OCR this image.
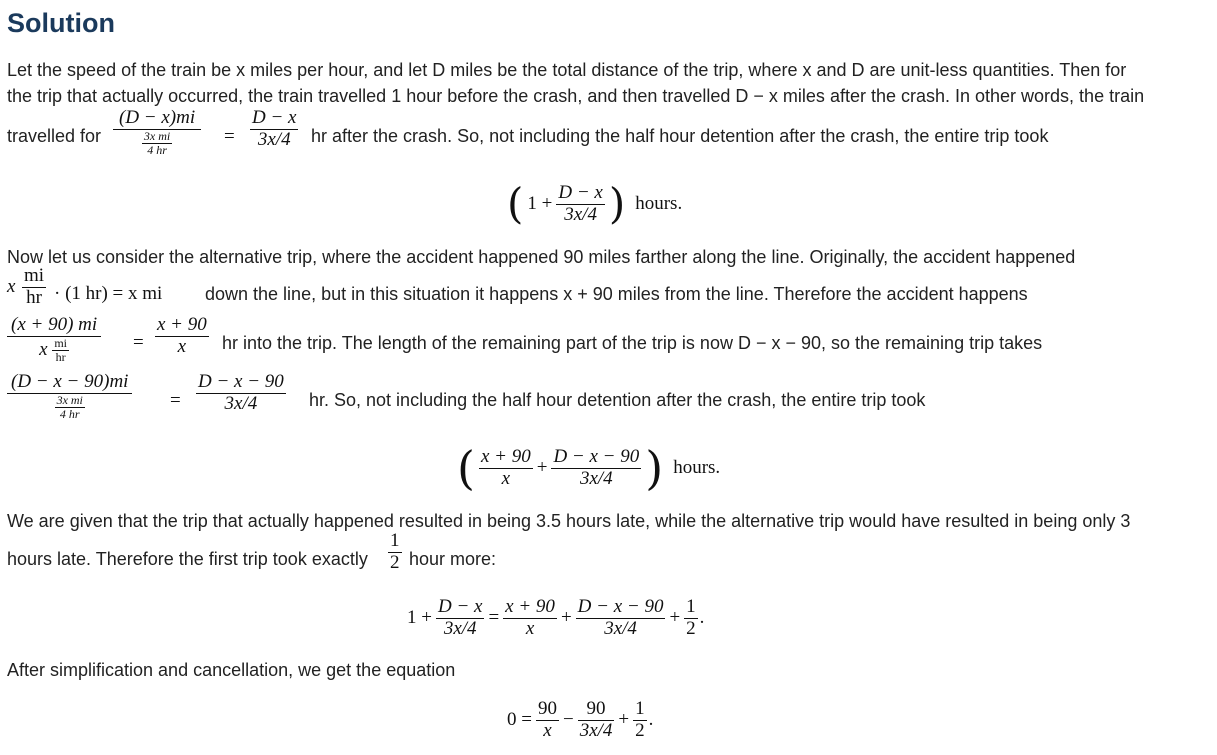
Solution
Let the speed of the train be x miles per hour, and let D miles be the total distance of the trip, where x and D are unit-less quantities. Then for
the trip that actually occurred, the train travelled 1 hour before the crash, and then travelled D − x miles after the crash. In other words, the train
travelled for $\frac{(D - x)mi}{\frac{\text{3x mi}}{4 hr}} = \frac{D - x}{3x/4}$ hr after the crash. So, not including the half hour detention after the crash, the entire trip took
( $1 + \frac{D - x}{3x/4}$ ) hours.
Now let us consider the alternative trip, where the accident happened 90 miles farther along the line. Originally, the accident happened
x $\frac{mi}{hr} \cdot (1$ hr) = x mi down the line, but in this situation it happens x + 90 miles from the line. Therefore the accident happens
$\frac{(x + 90) mi}{x \frac{mi}{hr}} = \frac{x + 90}{x}$ hr into the trip. The length of the remaining part of the trip is now D − x − 90, so the remaining trip takes
$\frac{(D - x - 90)mi}{\frac{\text{3x mi}}{4 hr}} = \frac{D - x - 90}{3x/4}$ hr. So, not including the half hour detention after the crash, the entire trip took
( $\frac{x + 90}{x} + \frac{D - x - 90}{3x/4}$ ) hours.
We are given that the trip that actually happened resulted in being 3.5 hours late, while the alternative trip would have resulted in being only 3
hours late. Therefore the first trip took exactly $\frac{1}{2}$ hour more:
$1 + \frac{D - x}{3x/4} = \frac{x + 90}{x} + \frac{D - x - 90}{3x/4} + \frac{1}{2}$ .
After simplification and cancellation, we get the equation
$0 = \frac{90}{x} - \frac{90}{3x/4} + \frac{1}{2}$ .
